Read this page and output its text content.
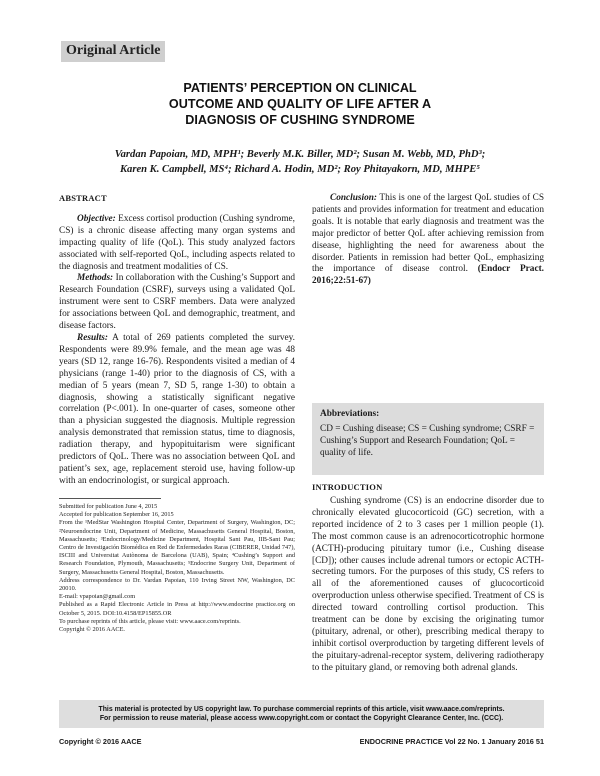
Original Article
PATIENTS’ PERCEPTION ON CLINICAL
OUTCOME AND QUALITY OF LIFE AFTER A
DIAGNOSIS OF CUSHING SYNDROME
Vardan Papoian, MD, MPH¹; Beverly M.K. Biller, MD²; Susan M. Webb, MD, PhD³;
Karen K. Campbell, MS⁴; Richard A. Hodin, MD²; Roy Phitayakorn, MD, MHPE⁵
ABSTRACT

Objective: Excess cortisol production (Cushing syndrome, CS) is a chronic disease affecting many organ systems and impacting quality of life (QoL). This study analyzed factors associated with self-reported QoL, including aspects related to the diagnosis and treatment modalities of CS.

Methods: In collaboration with the Cushing’s Support and Research Foundation (CSRF), surveys using a validated QoL instrument were sent to CSRF members. Data were analyzed for associations between QoL and demographic, treatment, and disease factors.

Results: A total of 269 patients completed the survey. Respondents were 89.9% female, and the mean age was 48 years (SD 12, range 16-76). Respondents visited a median of 4 physicians (range 1-40) prior to the diagnosis of CS, with a median of 5 years (mean 7, SD 5, range 1-30) to obtain a diagnosis, showing a statistically significant negative correlation (P<.001). In one-quarter of cases, someone other than a physician suggested the diagnosis. Multiple regression analysis demonstrated that remission status, time to diagnosis, radiation therapy, and hypopituitarism were significant predictors of QoL. There was no association between QoL and patient’s sex, age, replacement steroid use, having follow-up with an endocrinologist, or surgical approach.

Conclusion: This is one of the largest QoL studies of CS patients and provides information for treatment and education goals. It is notable that early diagnosis and treatment was the major predictor of better QoL after achieving remission from disease, highlighting the need for awareness about the disorder. Patients in remission had better QoL, emphasizing the importance of disease control. (Endocr Pract. 2016;22:51-67)

Abbreviations:
CD = Cushing disease; CS = Cushing syndrome; CSRF = Cushing’s Support and Research Foundation; QoL = quality of life.
INTRODUCTION

Cushing syndrome (CS) is an endocrine disorder due to chronically elevated glucocorticoid (GC) secretion, with a reported incidence of 2 to 3 cases per 1 million people (1). The most common cause is an adrenocorticotrophic hormone (ACTH)-producing pituitary tumor (i.e., Cushing disease [CD]); other causes include adrenal tumors or ectopic ACTH-secreting tumors. For the purposes of this study, CS refers to all of the aforementioned causes of glucocorticoid overproduction unless otherwise specified. Treatment of CS is directed toward controlling cortisol production. This treatment can be done by excising the originating tumor (pituitary, adrenal, or other), prescribing medical therapy to inhibit cortisol overproduction by targeting different levels of the pituitary-adrenal-receptor system, delivering radiotherapy to the pituitary gland, or removing both adrenal glands.

Submitted for publication June 4, 2015
Accepted for publication September 16, 2015
From the ¹MedStar Washington Hospital Center, Department of Surgery, Washington, DC; ²Neuroendocrine Unit, Department of Medicine, Massachusetts General Hospital, Boston, Massachusetts; ³Endocrinology/Medicine Department, Hospital Sant Pau, IIB-Sant Pau; Centro de Investigación Biomédica en Red de Enfermedades Raras (CIBERER, Unidad 747), ISCIII and Universitat Autònoma de Barcelona (UAB), Spain; ⁴Cushing’s Support and Research Foundation, Plymouth, Massachusetts; ⁵Endocrine Surgery Unit, Department of Surgery, Massachusetts General Hospital, Boston, Massachusetts.
Address correspondence to Dr. Vardan Papoian, 110 Irving Street NW, Washington, DC 20010.
E-mail: vpapoian@gmail.com
Published as a Rapid Electronic Article in Press at http://www.endocrine practice.org on October 5, 2015. DOI:10.4158/EP15855.OR
To purchase reprints of this article, please visit: www.aace.com/reprints.
Copyright © 2016 AACE.
This material is protected by US copyright law. To purchase commercial reprints of this article, visit www.aace.com/reprints.
For permission to reuse material, please access www.copyright.com or contact the Copyright Clearance Center, Inc. (CCC).
Copyright © 2016 AACE	ENDOCRINE PRACTICE Vol 22 No. 1 January 2016 51
